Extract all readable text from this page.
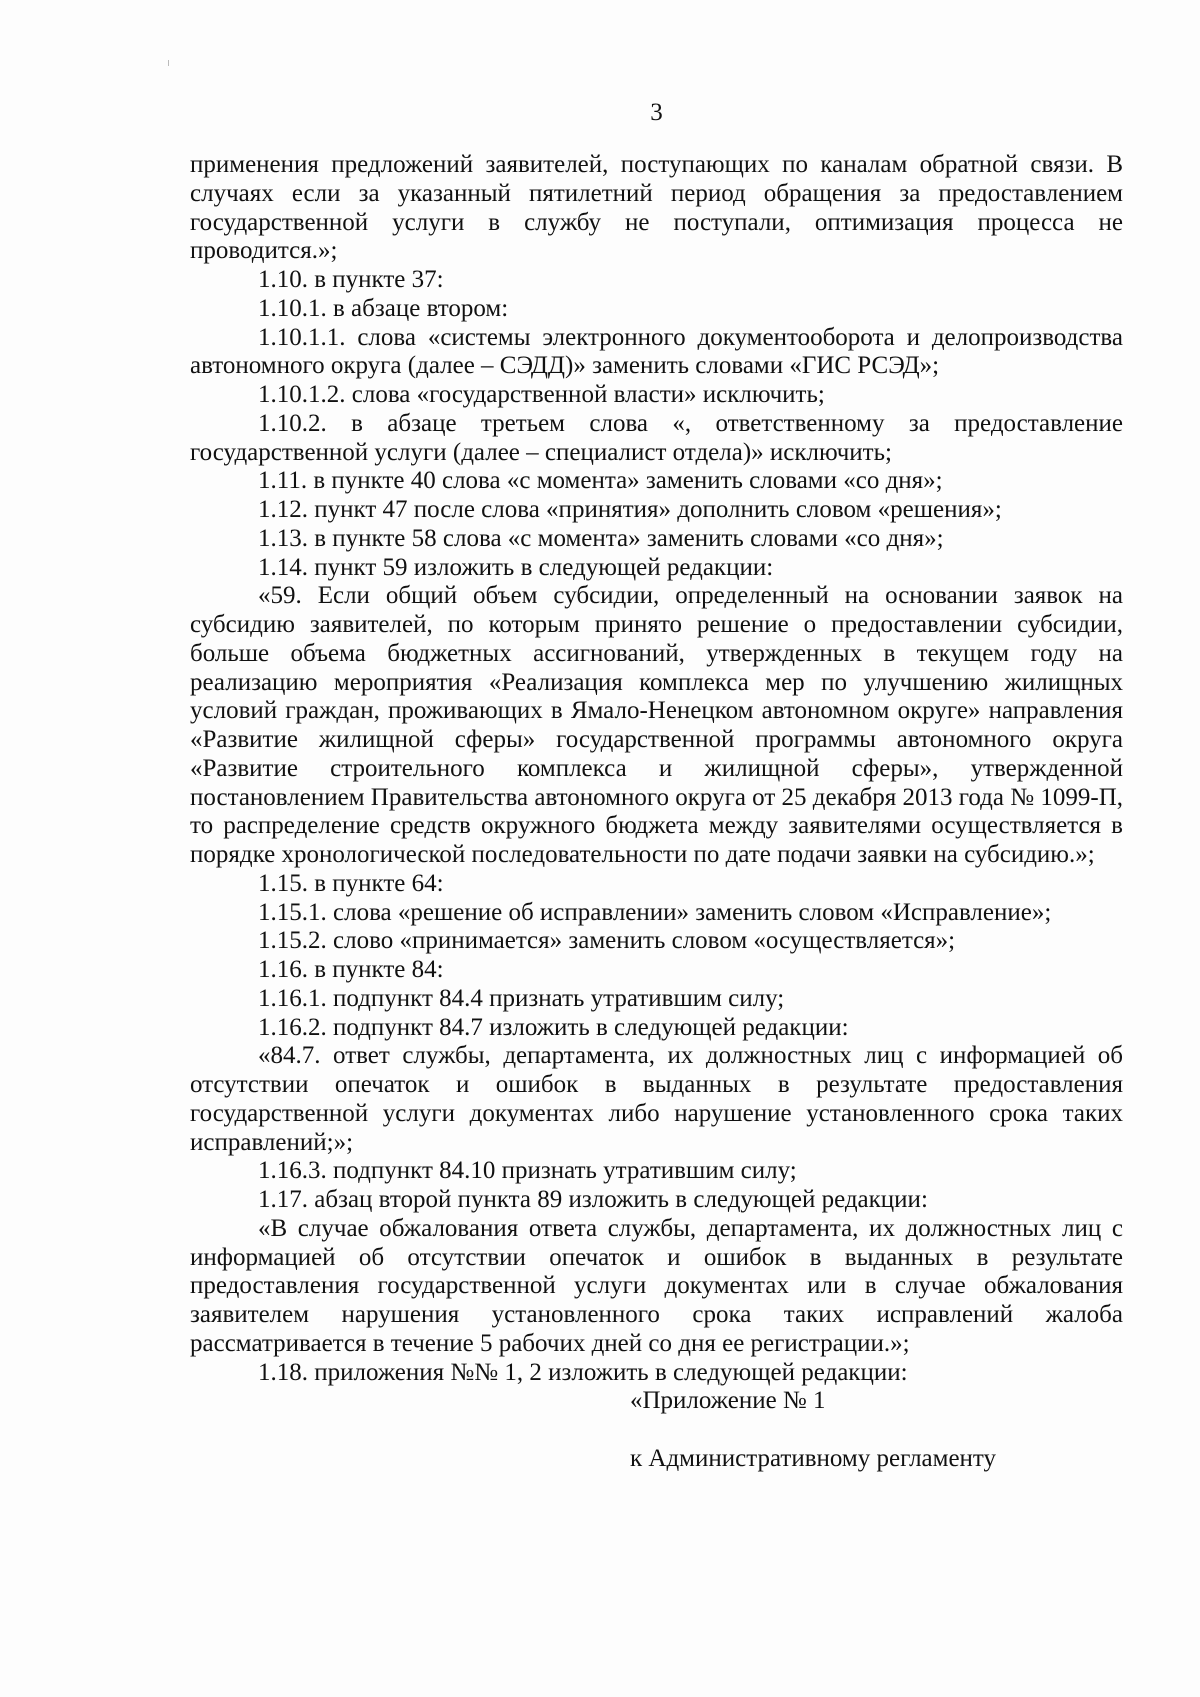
3

применения предложений заявителей, поступающих по каналам обратной связи. В случаях если за указанный пятилетний период обращения за предоставлением государственной услуги в службу не поступали, оптимизация процесса не проводится.»;

1.10. в пункте 37:

1.10.1. в абзаце втором:

1.10.1.1. слова «системы электронного документооборота и делопроизводства автономного округа (далее – СЭДД)» заменить словами «ГИС РСЭД»;

1.10.1.2. слова «государственной власти» исключить;

1.10.2. в абзаце третьем слова «, ответственному за предоставление государственной услуги (далее – специалист отдела)» исключить;

1.11. в пункте 40 слова «с момента» заменить словами «со дня»;

1.12. пункт 47 после слова «принятия» дополнить словом «решения»;

1.13. в пункте 58 слова «с момента» заменить словами «со дня»;

1.14. пункт 59 изложить в следующей редакции:

«59. Если общий объем субсидии, определенный на основании заявок на субсидию заявителей, по которым принято решение о предоставлении субсидии, больше объема бюджетных ассигнований, утвержденных в текущем году на реализацию мероприятия «Реализация комплекса мер по улучшению жилищных условий граждан, проживающих в Ямало-Ненецком автономном округе» направления «Развитие жилищной сферы» государственной программы автономного округа «Развитие строительного комплекса и жилищной сферы», утвержденной постановлением Правительства автономного округа от 25 декабря 2013 года № 1099-П, то распределение средств окружного бюджета между заявителями осуществляется в порядке хронологической последовательности по дате подачи заявки на субсидию.»;

1.15. в пункте 64:

1.15.1. слова «решение об исправлении» заменить словом «Исправление»;

1.15.2. слово «принимается» заменить словом «осуществляется»;

1.16. в пункте 84:

1.16.1. подпункт 84.4 признать утратившим силу;

1.16.2. подпункт 84.7 изложить в следующей редакции:

«84.7. ответ службы, департамента, их должностных лиц с информацией об отсутствии опечаток и ошибок в выданных в результате предоставления государственной услуги документах либо нарушение установленного срока таких исправлений;»;

1.16.3. подпункт 84.10 признать утратившим силу;

1.17. абзац второй пункта 89 изложить в следующей редакции:

«В случае обжалования ответа службы, департамента, их должностных лиц с информацией об отсутствии опечаток и ошибок в выданных в результате предоставления государственной услуги документах или в случае обжалования заявителем нарушения установленного срока таких исправлений жалоба рассматривается в течение 5 рабочих дней со дня ее регистрации.»;

1.18. приложения №№ 1, 2 изложить в следующей редакции:

«Приложение № 1

к Административному регламенту
